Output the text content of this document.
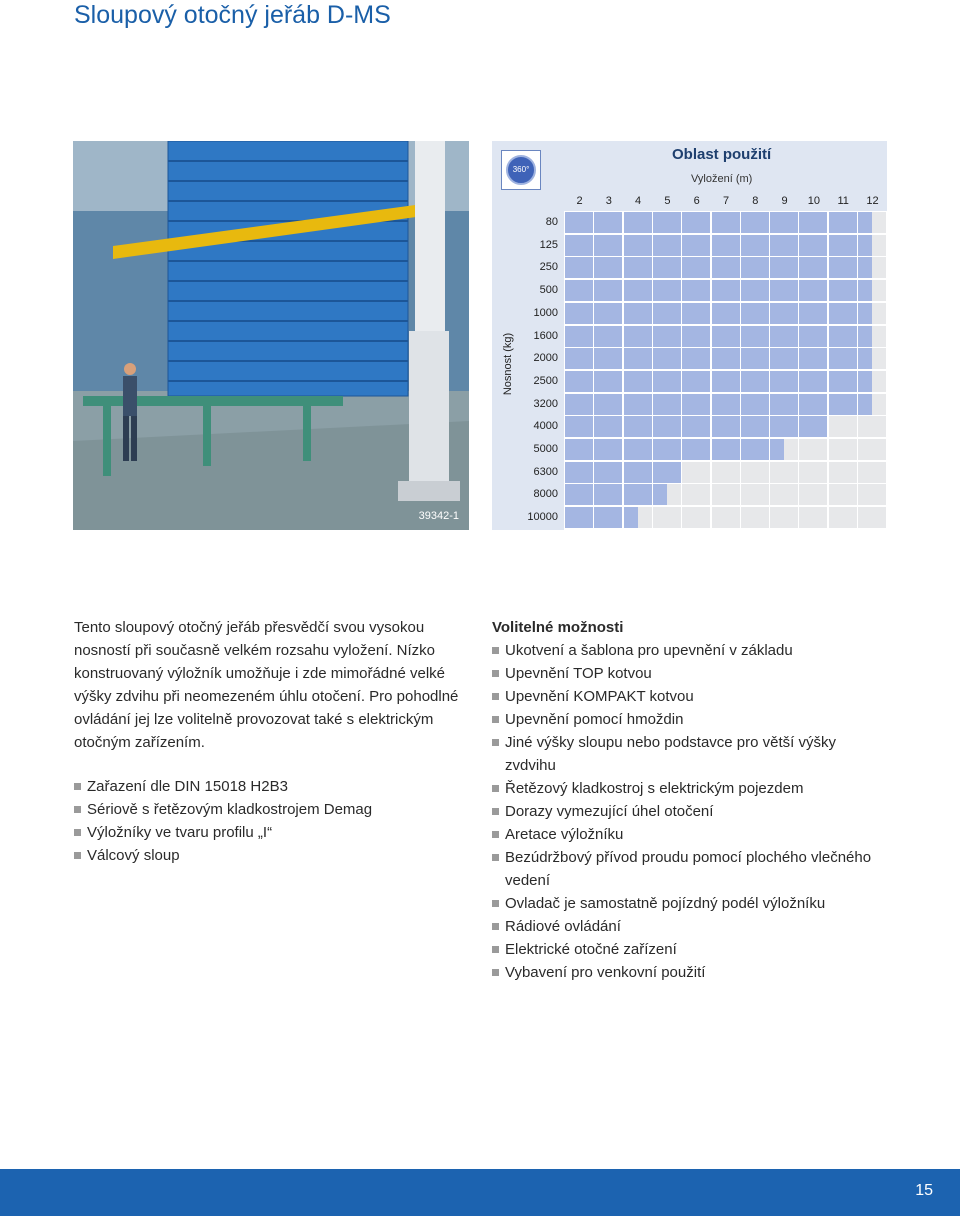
Sloupový otočný jeřáb D-MS
39342-1
360°
Oblast použití
Vyložení (m)
2	3	4	5	6	7	8	9	10	11	12
Nosnost (kg)
80
125
250
500
1000
1600
2000
2500
3200
4000
5000
6300
8000
10000

Tento sloupový otočný jeřáb přesvědčí svou vysokou nosností při současně velkém rozsahu vyložení. Nízko konstruovaný výložník umožňuje i zde mimořádné velké výšky zdvihu při neomezeném úhlu otočení. Pro pohodlné ovládání jej lze volitelně provozovat také s elektrickým otočným zařízením.

Zařazení dle DIN 15018 H2B3
Sériově s řetězovým kladkostrojem Demag
Výložníky ve tvaru profilu „I“
Válcový sloup
Volitelné možnosti
Ukotvení a šablona pro upevnění v základu
Upevnění TOP kotvou
Upevnění KOMPAKT kotvou
Upevnění pomocí hmoždin
Jiné výšky sloupu nebo podstavce pro větší výšky zvdvihu
Řetězový kladkostroj s elektrickým pojezdem
Dorazy vymezující úhel otočení
Aretace výložníku
Bezúdržbový přívod proudu pomocí plochého vlečného vedení
Ovladač je samostatně pojízdný podél výložníku
Rádiové ovládání
Elektrické otočné zařízení
Vybavení pro venkovní použití
15
